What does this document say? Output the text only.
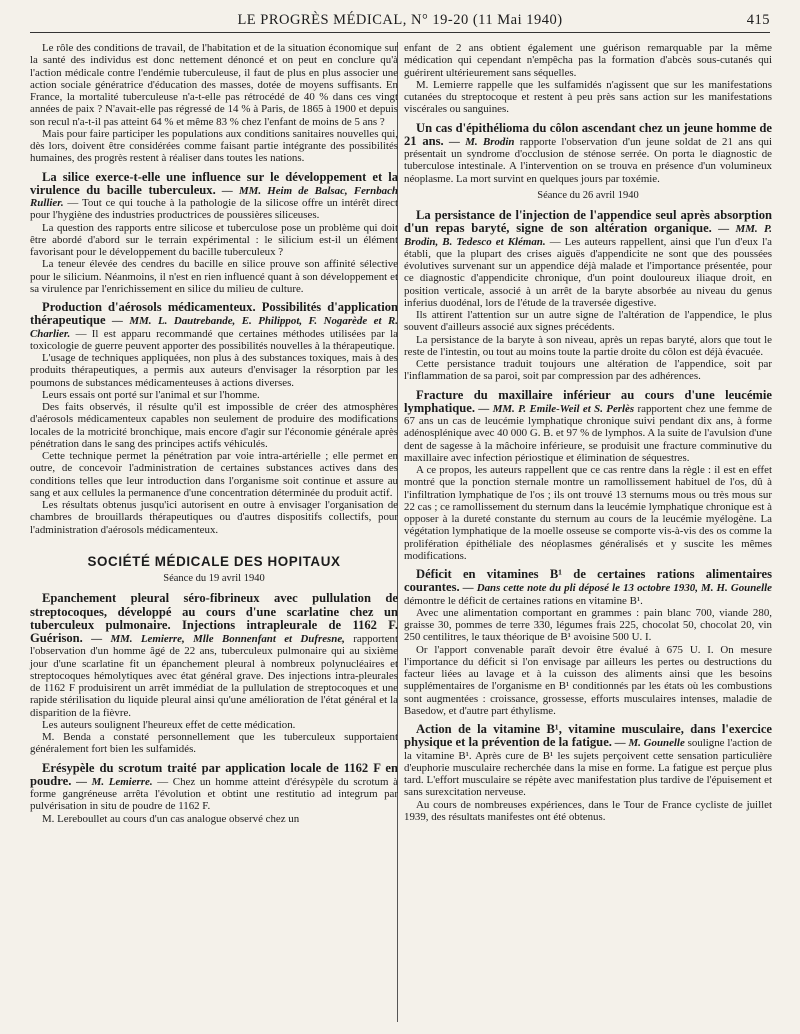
LE PROGRÈS MÉDICAL, N° 19-20 (11 Mai 1940)	415

Le rôle des conditions de travail, de l'habitation et de la situation économique sur la santé des individus est donc nettement dénoncé et on peut en conclure qu'à l'action médicale contre l'endémie tuberculeuse, il faut de plus en plus associer une action sociale génératrice d'éducation des masses, dotée de moyens suffisants. En France, la mortalité tuberculeuse n'a-t-elle pas rétrocédé de 40 % dans ces vingt années de paix ? N'avait-elle pas régressé de 14 % à Paris, de 1865 à 1900 et depuis son recul n'a-t-il pas atteint 64 % et même 83 % chez l'enfant de moins de 5 ans ?

Mais pour faire participer les populations aux conditions sanitaires nouvelles qui, dès lors, doivent être considérées comme faisant partie intégrante des possibilités humaines, des progrès restent à réaliser dans toutes les nations.

La silice exerce-t-elle une influence sur le développement et la virulence du bacille tuberculeux. — MM. Heim de Balsac, Fernbach Rullier. — Tout ce qui touche à la pathologie de la silicose offre un intérêt direct pour l'hygiène des industries productrices de poussières siliceuses.

La question des rapports entre silicose et tuberculose pose un problème qui doit être abordé d'abord sur le terrain expérimental : le silicium est-il un élément favorisant pour le développement du bacille tuberculeux ?

La teneur élevée des cendres du bacille en silice prouve son affinité sélective pour le silicium. Néanmoins, il n'est en rien influencé quant à son développement et sa virulence par l'enrichissement en silice du milieu de culture.

Production d'aérosols médicamenteux. Possibilités d'application thérapeutique — MM. L. Dautrebande, E. Philippot, F. Nogarède et R. Charlier. — Il est apparu recommandé que certaines méthodes utilisées par la toxicologie de guerre peuvent apporter des possibilités nouvelles à la thérapeutique.

L'usage de techniques appliquées, non plus à des substances toxiques, mais à des produits thérapeutiques, a permis aux auteurs d'envisager la résorption par les poumons de substances médicamenteuses à actions diverses.

Leurs essais ont porté sur l'animal et sur l'homme.

Des faits observés, il résulte qu'il est impossible de créer des atmosphères d'aérosols médicamenteux capables non seulement de produire des modifications locales de la motricité bronchique, mais encore d'agir sur l'économie générale après pénétration dans le sang des principes actifs véhiculés.

Cette technique permet la pénétration par voie intra-artérielle ; elle permet en outre, de concevoir l'administration de certaines substances actives dans des conditions telles que leur introduction dans l'organisme soit continue et assure au sang et aux cellules la permanence d'une concentration déterminée du produit actif.

Les résultats obtenus jusqu'ici autorisent en outre à envisager l'organisation de chambres de brouillards thérapeutiques ou d'autres dispositifs collectifs, pour l'administration d'aérosols médicamenteux.

SOCIÉTÉ MÉDICALE DES HOPITAUX

Séance du 19 avril 1940

Epanchement pleural séro-fibrineux avec pullulation de streptocoques, développé au cours d'une scarlatine chez un tuberculeux pulmonaire. Injections intrapleurale de 1162 F. Guérison. — MM. Lemierre, Mlle Bonnenfant et Dufresne, rapportent l'observation d'un homme âgé de 22 ans, tuberculeux pulmonaire qui au sixième jour d'une scarlatine fit un épanchement pleural à nombreux polynucléaires et streptocoques hémolytiques avec état général grave. Des injections intra-pleurales de 1162 F produisirent un arrêt immédiat de la pullulation de streptocoques et une rapide stérilisation du liquide pleural ainsi qu'une amélioration de l'état général et la disparition de la fièvre.

Les auteurs soulignent l'heureux effet de cette médication.

M. Benda a constaté personnellement que les tuberculeux supportaient généralement fort bien les sulfamidés.

Erésypèle du scrotum traité par application locale de 1162 F en poudre. — M. Lemierre. — Chez un homme atteint d'érésypèle du scrotum à forme gangréneuse arrêta l'évolution et obtint une restitutio ad integrum par pulvérisation in situ de poudre de 1162 F.

M. Lereboullet au cours d'un cas analogue observé chez un

enfant de 2 ans obtient également une guérison remarquable par la même médication qui cependant n'empêcha pas la formation d'abcès sous-cutanés qui guérirent ultérieurement sans séquelles.

M. Lemierre rappelle que les sulfamidés n'agissent que sur les manifestations cutanées du streptocoque et restent à peu près sans action sur les manifestations viscérales ou sanguines.

Un cas d'épithélioma du côlon ascendant chez un jeune homme de 21 ans. — M. Brodin rapporte l'observation d'un jeune soldat de 21 ans qui présentait un syndrome d'occlusion de sténose serrée. On porta le diagnostic de tuberculose intestinale. A l'intervention on se trouva en présence d'un volumineux néoplasme. La mort survint en quelques jours par toxémie.

Séance du 26 avril 1940

La persistance de l'injection de l'appendice seul après absorption d'un repas baryté, signe de son altération organique. — MM. P. Brodin, B. Tedesco et Kléman. — Les auteurs rappellent, ainsi que l'un d'eux l'a établi, que la plupart des crises aiguës d'appendicite ne sont que des poussées évolutives survenant sur un appendice déjà malade et l'importance présentée, pour ce diagnostic d'appendicite chronique, d'un point douloureux iliaque droit, en position verticale, associé à un arrêt de la baryte absorbée au niveau du genus inferius duodénal, lors de l'étude de la traversée digestive.

Ils attirent l'attention sur un autre signe de l'altération de l'appendice, le plus souvent d'ailleurs associé aux signes précédents.

La persistance de la baryte à son niveau, après un repas baryté, alors que tout le reste de l'intestin, ou tout au moins toute la partie droite du côlon est déjà évacuée.

Cette persistance traduit toujours une altération de l'appendice, soit par l'inflammation de sa paroi, soit par compression par des adhérences.

Fracture du maxillaire inférieur au cours d'une leucémie lymphatique. — MM. P. Emile-Weil et S. Perlès rapportent chez une femme de 67 ans un cas de leucémie lymphatique chronique suivi pendant dix ans, à forme adénosplénique avec 40 000 G. B. et 97 % de lymphos. A la suite de l'avulsion d'une dent de sagesse à la mâchoire inférieure, se produisit une fracture comminutive du maxillaire avec infection périostique et élimination de séquestres.

A ce propos, les auteurs rappellent que ce cas rentre dans la règle : il est en effet montré que la ponction sternale montre un ramollissement habituel de l'os, dû à l'infiltration lymphatique de l'os ; ils ont trouvé 13 sternums mous ou très mous sur 22 cas ; ce ramollissement du sternum dans la leucémie lymphatique chronique est à opposer à la dureté constante du sternum au cours de la leucémie myélogène. La végétation lymphatique de la moelle osseuse se comporte vis-à-vis des os comme la prolifération épithéliale des néoplasmes généralisés et y suscite les mêmes modifications.

Déficit en vitamines B¹ de certaines rations alimentaires courantes. — Dans cette note du pli déposé le 13 octobre 1930, M. H. Gounelle démontre le déficit de certaines rations en vitamine B¹.

Avec une alimentation comportant en grammes : pain blanc 700, viande 280, graisse 30, pommes de terre 330, légumes frais 225, chocolat 50, chocolat 20, vin 250 centilitres, le taux théorique de B¹ avoisine 500 U. I.

Or l'apport convenable paraît devoir être évalué à 675 U. I. On mesure l'importance du déficit si l'on envisage par ailleurs les pertes ou destructions du facteur liées au lavage et à la cuisson des aliments ainsi que les besoins supplémentaires de l'organisme en B¹ conditionnés par les états où les combustions sont augmentées : croissance, grossesse, efforts musculaires intenses, maladie de Basedow, et d'autre part éthylisme.

Action de la vitamine B¹, vitamine musculaire, dans l'exercice physique et la prévention de la fatigue. — M. Gounelle souligne l'action de la vitamine B¹. Après cure de B¹ les sujets perçoivent cette sensation particulière d'euphorie musculaire recherchée dans la mise en forme. La fatigue est perçue plus tard. L'effort musculaire se répète avec manifestation plus tardive de l'épuisement et sans surexcitation nerveuse.

Au cours de nombreuses expériences, dans le Tour de France cycliste de juillet 1939, des résultats manifestes ont été obtenus.
